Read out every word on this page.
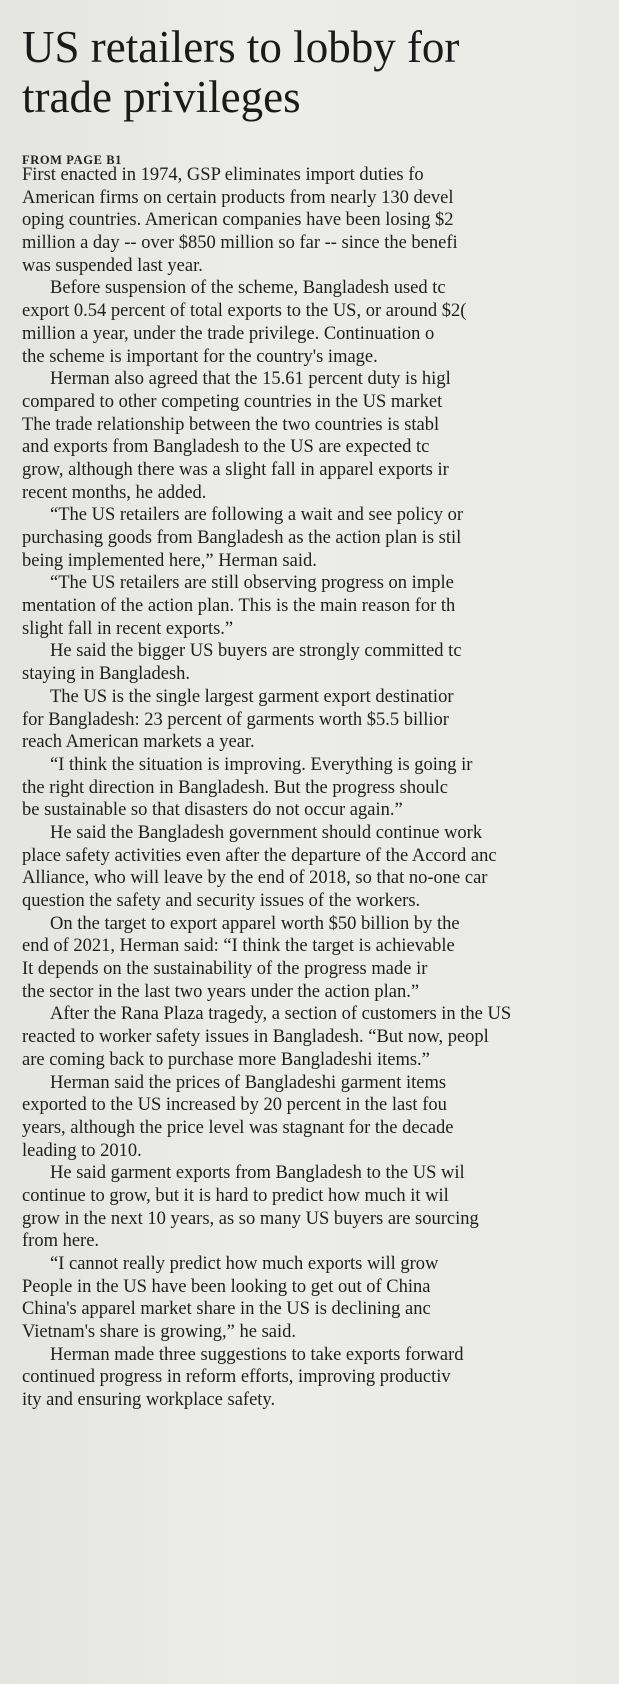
US retailers to lobby for
trade privileges
FROM PAGE B1

First enacted in 1974, GSP eliminates import duties fo
American firms on certain products from nearly 130 devel
oping countries. American companies have been losing $2
million a day -- over $850 million so far -- since the benefi
was suspended last year.

Before suspension of the scheme, Bangladesh used tc
export 0.54 percent of total exports to the US, or around $2(
million a year, under the trade privilege. Continuation o
the scheme is important for the country's image.

Herman also agreed that the 15.61 percent duty is higl
compared to other competing countries in the US market
The trade relationship between the two countries is stabl
and exports from Bangladesh to the US are expected tc
grow, although there was a slight fall in apparel exports ir
recent months, he added.

“The US retailers are following a wait and see policy or
purchasing goods from Bangladesh as the action plan is stil
being implemented here,” Herman said.

“The US retailers are still observing progress on imple
mentation of the action plan. This is the main reason for th
slight fall in recent exports.”

He said the bigger US buyers are strongly committed tc
staying in Bangladesh.

The US is the single largest garment export destinatior
for Bangladesh: 23 percent of garments worth $5.5 billior
reach American markets a year.

“I think the situation is improving. Everything is going ir
the right direction in Bangladesh. But the progress shoulc
be sustainable so that disasters do not occur again.”

He said the Bangladesh government should continue work
place safety activities even after the departure of the Accord anc
Alliance, who will leave by the end of 2018, so that no-one car
question the safety and security issues of the workers.

On the target to export apparel worth $50 billion by the
end of 2021, Herman said: “I think the target is achievable
It depends on the sustainability of the progress made ir
the sector in the last two years under the action plan.”

After the Rana Plaza tragedy, a section of customers in the US
reacted to worker safety issues in Bangladesh. “But now, peopl
are coming back to purchase more Bangladeshi items.”

Herman said the prices of Bangladeshi garment items
exported to the US increased by 20 percent in the last fou
years, although the price level was stagnant for the decade
leading to 2010.

He said garment exports from Bangladesh to the US wil
continue to grow, but it is hard to predict how much it wil
grow in the next 10 years, as so many US buyers are sourcing
from here.

“I cannot really predict how much exports will grow
People in the US have been looking to get out of China
China's apparel market share in the US is declining anc
Vietnam's share is growing,” he said.

Herman made three suggestions to take exports forward
continued progress in reform efforts, improving productiv
ity and ensuring workplace safety.
